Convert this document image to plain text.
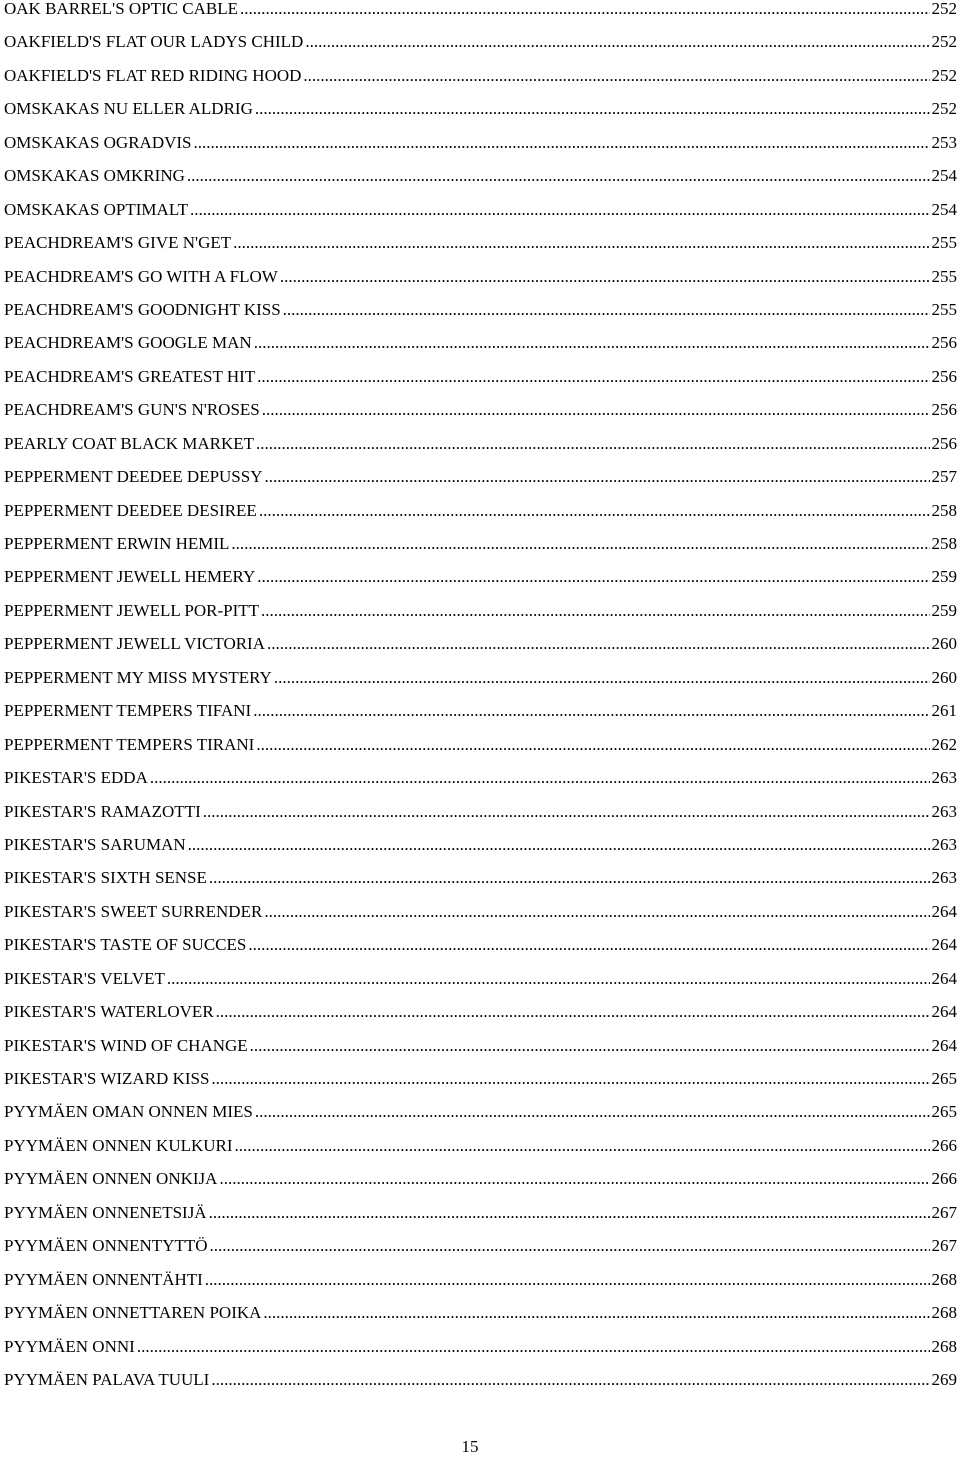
OAK BARREL'S OPTIC CABLE .....	252
OAKFIELD'S FLAT OUR LADYS CHILD .....	252
OAKFIELD'S FLAT RED RIDING HOOD .....	252
OMSKAKAS NU ELLER ALDRIG .....	252
OMSKAKAS OGRADVIS .....	253
OMSKAKAS OMKRING .....	254
OMSKAKAS OPTIMALT .....	254
PEACHDREAM'S GIVE N'GET .....	255
PEACHDREAM'S GO WITH A FLOW .....	255
PEACHDREAM'S GOODNIGHT KISS .....	255
PEACHDREAM'S GOOGLE MAN .....	256
PEACHDREAM'S GREATEST HIT .....	256
PEACHDREAM'S GUN'S N'ROSES .....	256
PEARLY COAT BLACK MARKET .....	256
PEPPERMENT DEEDEE DEPUSSY .....	257
PEPPERMENT DEEDEE DESIREE .....	258
PEPPERMENT ERWIN HEMIL .....	258
PEPPERMENT JEWELL HEMERY .....	259
PEPPERMENT JEWELL POR-PITT .....	259
PEPPERMENT JEWELL VICTORIA .....	260
PEPPERMENT MY MISS MYSTERY .....	260
PEPPERMENT TEMPERS TIFANI .....	261
PEPPERMENT TEMPERS TIRANI .....	262
PIKESTAR'S EDDA .....	263
PIKESTAR'S RAMAZOTTI .....	263
PIKESTAR'S SARUMAN .....	263
PIKESTAR'S SIXTH SENSE .....	263
PIKESTAR'S SWEET SURRENDER .....	264
PIKESTAR'S TASTE OF SUCCES .....	264
PIKESTAR'S VELVET .....	264
PIKESTAR'S WATERLOVER .....	264
PIKESTAR'S WIND OF CHANGE .....	264
PIKESTAR'S WIZARD KISS .....	265
PYYMÄEN OMAN ONNEN MIES .....	265
PYYMÄEN ONNEN KULKURI .....	266
PYYMÄEN ONNEN ONKIJA .....	266
PYYMÄEN ONNENETSIJÄ .....	267
PYYMÄEN ONNENTYTTÖ .....	267
PYYMÄEN ONNENTÄHTI .....	268
PYYMÄEN ONNETTAREN POIKA .....	268
PYYMÄEN ONNI .....	268
PYYMÄEN PALAVA TUULI .....	269
15
